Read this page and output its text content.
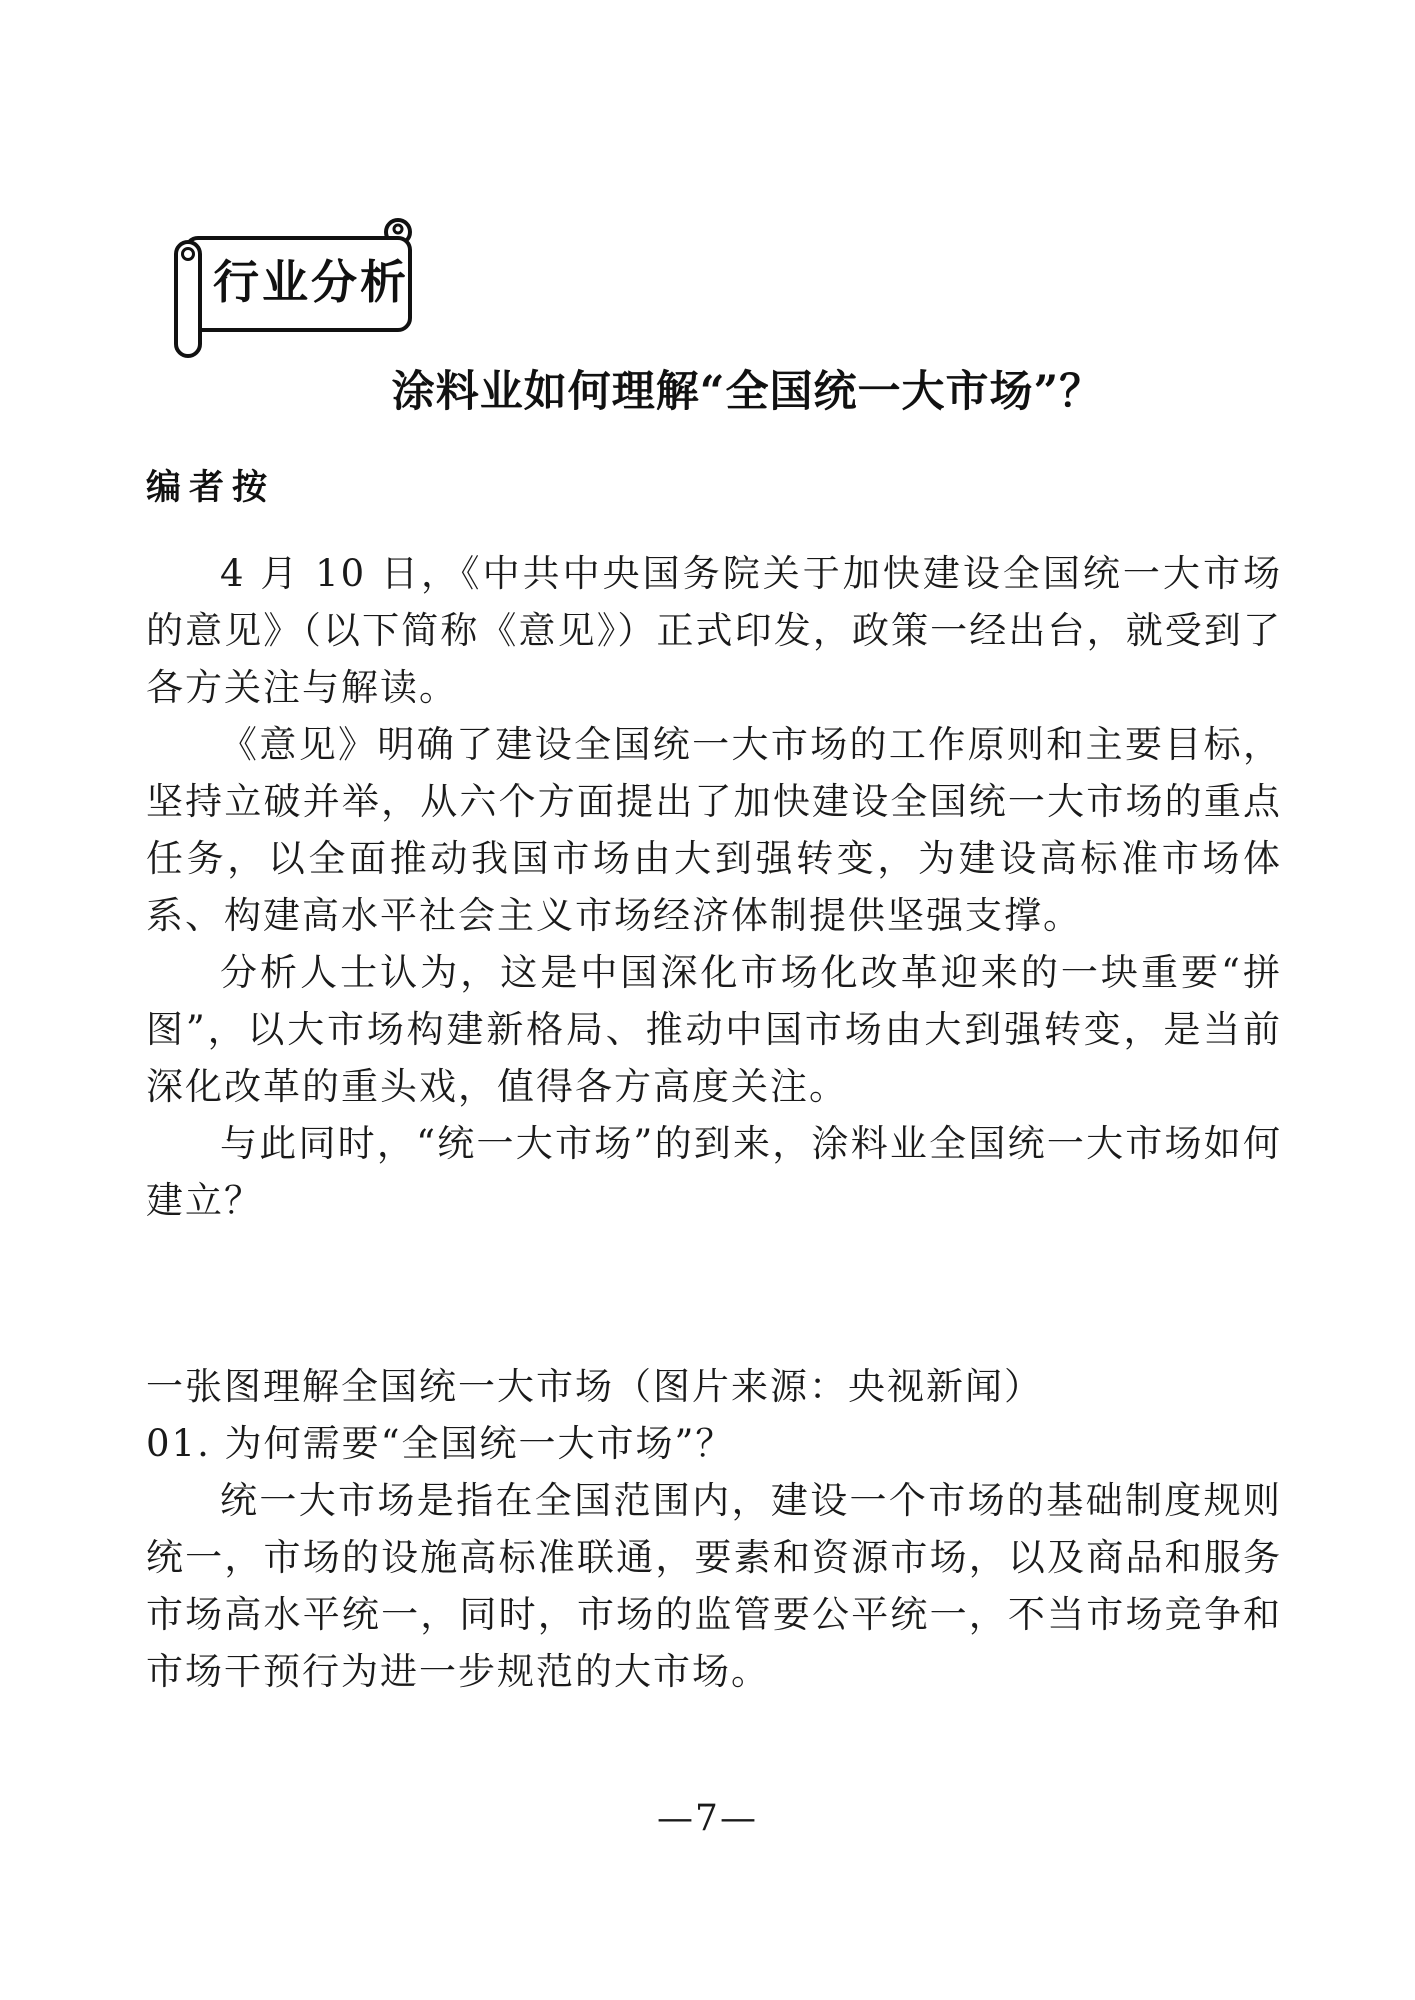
行业分析
涂料业如何理解“全国统一大市场”？
编者按

4 月 10 日，《中共中央国务院关于加快建设全国统一大市场的意见》（以下简称《意见》）正式印发，政策一经出台，就受到了各方关注与解读。

《意见》明确了建设全国统一大市场的工作原则和主要目标，坚持立破并举，从六个方面提出了加快建设全国统一大市场的重点任务，以全面推动我国市场由大到强转变，为建设高标准市场体系、构建高水平社会主义市场经济体制提供坚强支撑。

分析人士认为，这是中国深化市场化改革迎来的一块重要“拼图”，以大市场构建新格局、推动中国市场由大到强转变，是当前深化改革的重头戏，值得各方高度关注。

与此同时，“统一大市场”的到来，涂料业全国统一大市场如何建立？

一张图理解全国统一大市场（图片来源：央视新闻）

01. 为何需要“全国统一大市场”？

统一大市场是指在全国范围内，建设一个市场的基础制度规则统一，市场的设施高标准联通，要素和资源市场，以及商品和服务市场高水平统一，同时，市场的监管要公平统一，不当市场竞争和市场干预行为进一步规范的大市场。

—7—
